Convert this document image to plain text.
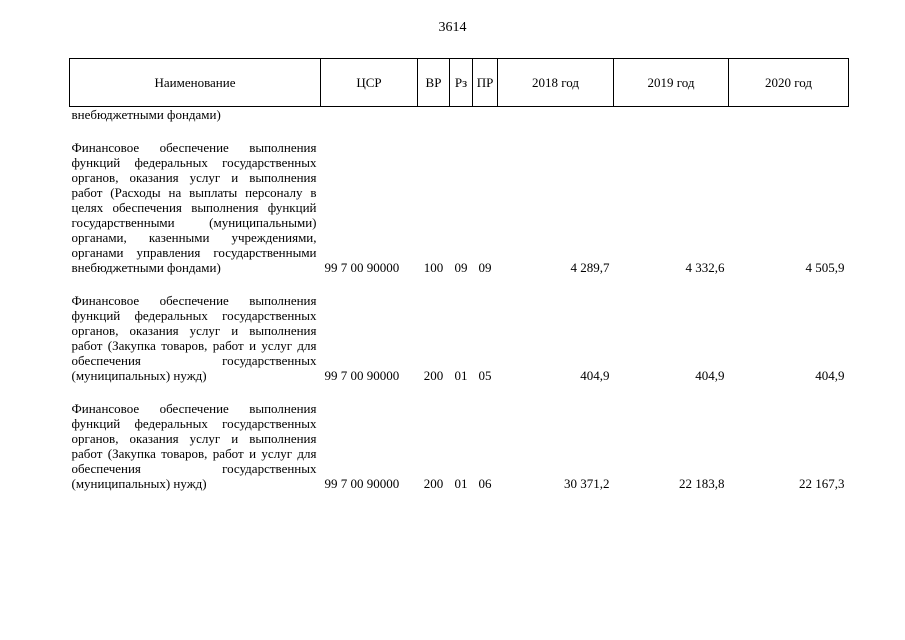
3614
Наименование	ЦСР	ВР	Рз	ПР	2018 год	2019 год	2020 год
внебюджетными фондами)							
Финансовое обеспечение выполнения функций федеральных государственных органов, оказания услуг и выполнения работ (Расходы на выплаты персоналу в целях обеспечения выполнения функций государственными (муниципальными) органами, казенными учреждениями, органами управления государственными внебюджетными фондами)	99 7 00 90000	100	09	09	4 289,7	4 332,6	4 505,9
Финансовое обеспечение выполнения функций федеральных государственных органов, оказания услуг и выполнения работ (Закупка товаров, работ и услуг для обеспечения государственных (муниципальных) нужд)	99 7 00 90000	200	01	05	404,9	404,9	404,9
Финансовое обеспечение выполнения функций федеральных государственных органов, оказания услуг и выполнения работ (Закупка товаров, работ и услуг для обеспечения государственных (муниципальных) нужд)	99 7 00 90000	200	01	06	30 371,2	22 183,8	22 167,3
